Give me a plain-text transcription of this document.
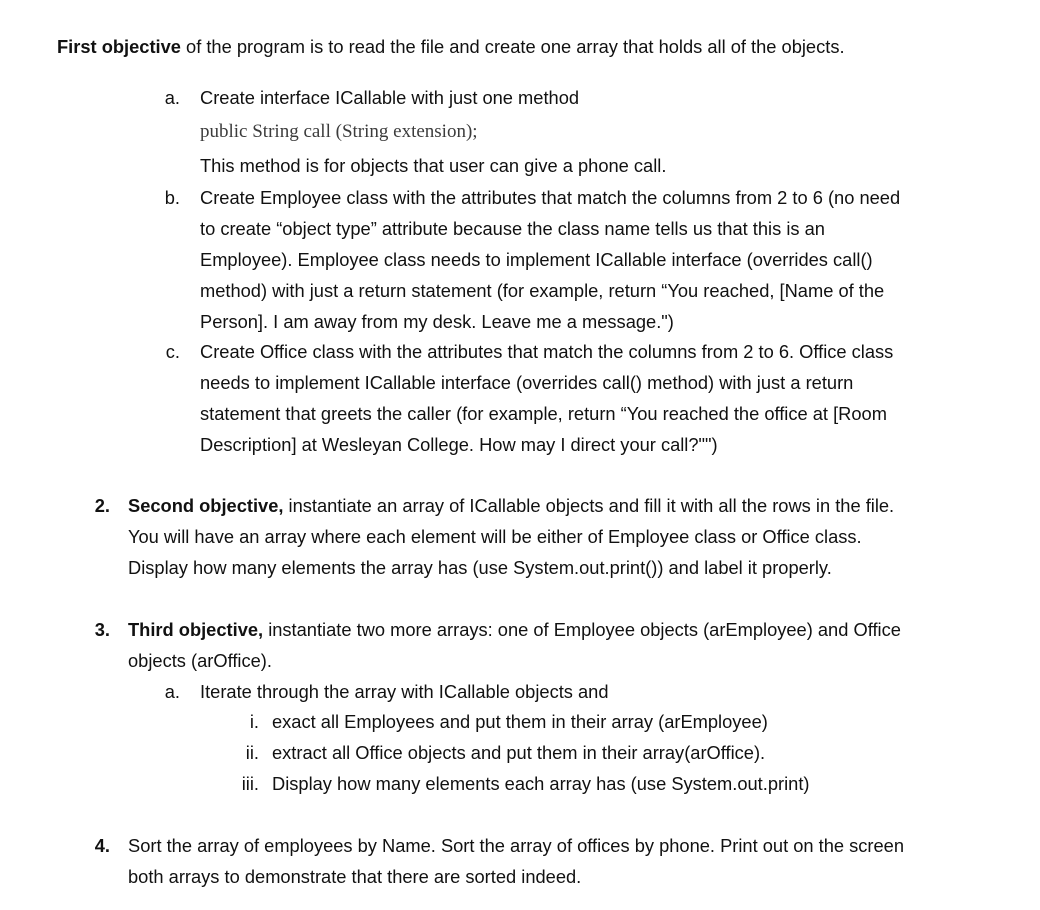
First objective of the program is to read the file and create one array that holds all of the objects.
a. Create interface ICallable with just one method
public String call (String extension);
This method is for objects that user can give a phone call.
b. Create Employee class with the attributes that match the columns from 2 to 6 (no need
to create “object type” attribute because the class name tells us that this is an
Employee). Employee class needs to implement ICallable interface (overrides call()
method) with just a return statement (for example, return “You reached, [Name of the
Person]. I am away from my desk. Leave me a message.")
c. Create Office class with the attributes that match the columns from 2 to 6. Office class
needs to implement ICallable interface (overrides call() method) with just a return
statement that greets the caller (for example, return “You reached the office at [Room
Description] at Wesleyan College. How may I direct your call?"")
2. Second objective, instantiate an array of ICallable objects and fill it with all the rows in the file.
You will have an array where each element will be either of Employee class or Office class.
Display how many elements the array has (use System.out.print()) and label it properly.
3. Third objective, instantiate two more arrays: one of Employee objects (arEmployee) and Office
objects (arOffice).
a. Iterate through the array with ICallable objects and
i. exact all Employees and put them in their array (arEmployee)
ii. extract all Office objects and put them in their array(arOffice).
iii. Display how many elements each array has (use System.out.print)
4. Sort the array of employees by Name. Sort the array of offices by phone. Print out on the screen
both arrays to demonstrate that there are sorted indeed.
